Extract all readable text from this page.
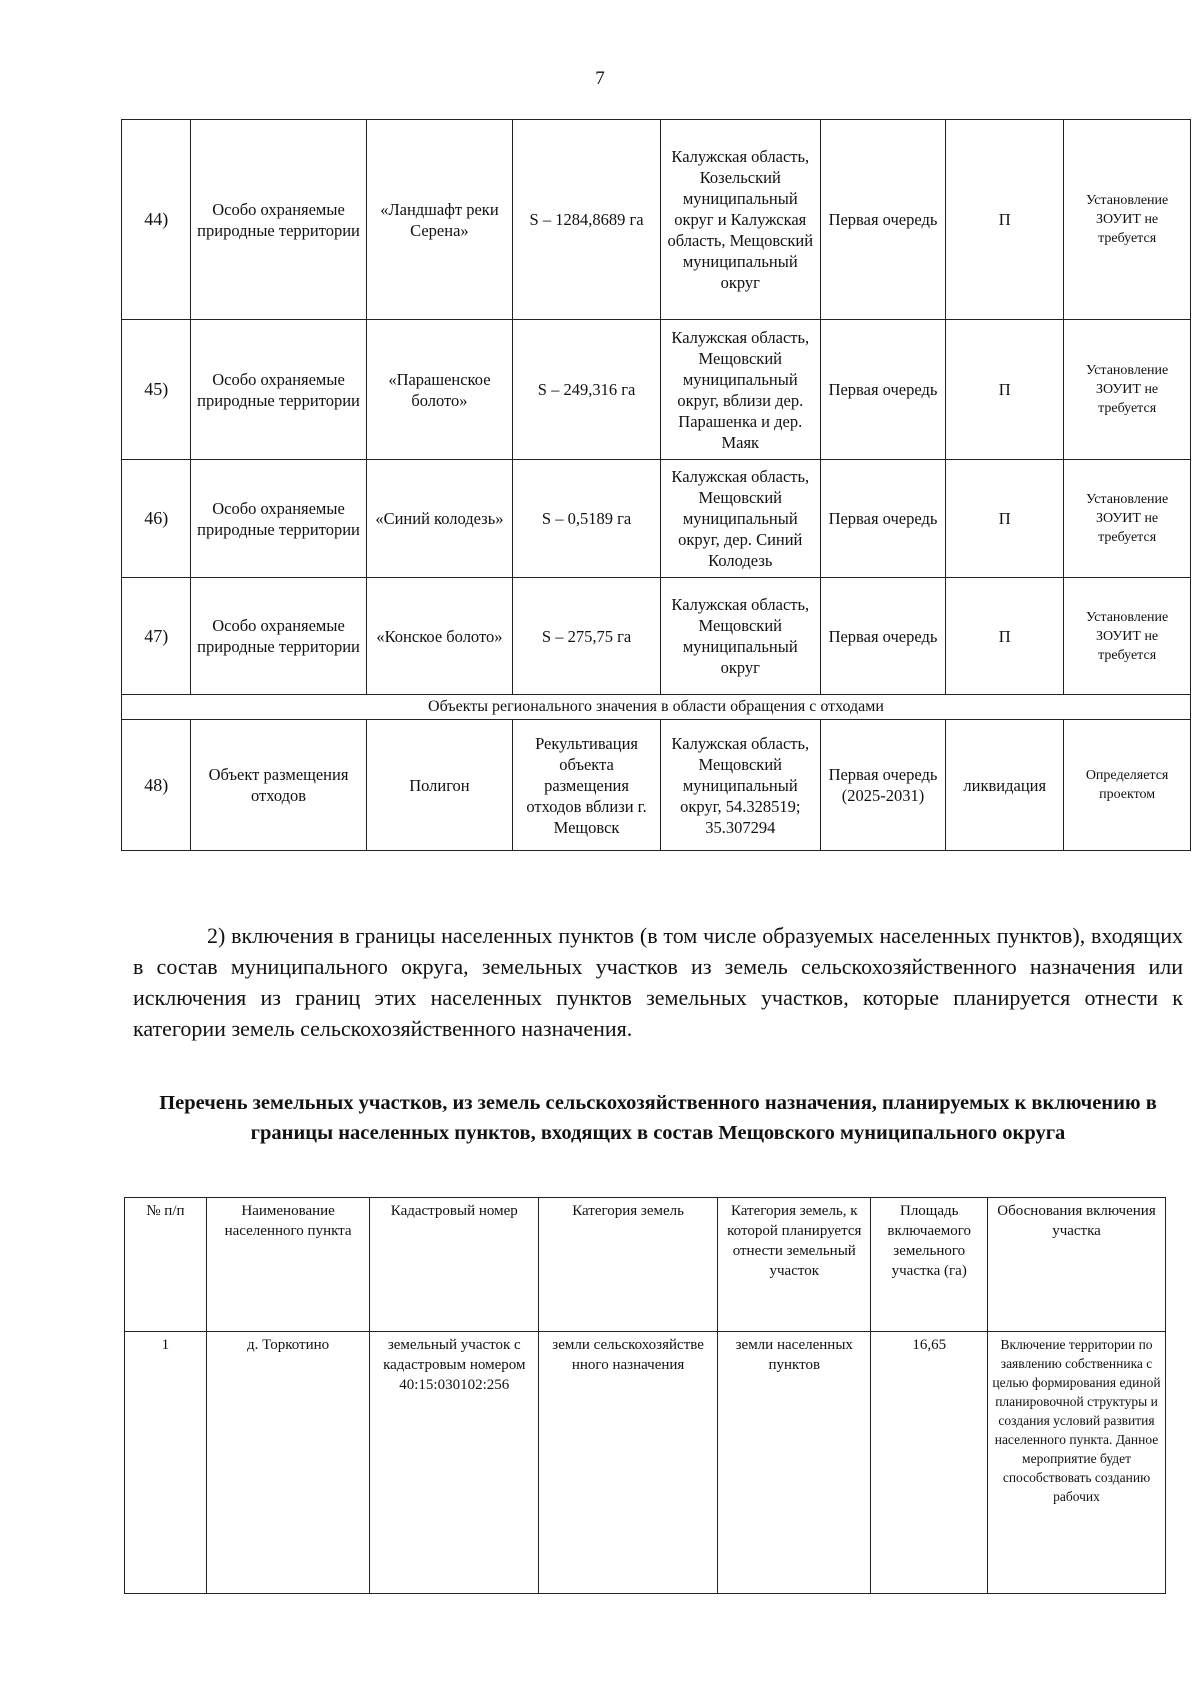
7
44)	Особо охраняемые природные территории	«Ландшафт реки Серена»	S – 1284,8689 га	Калужская область, Козельский муниципальный округ и Калужская область, Мещовский муниципальный округ	Первая очередь	П	Установление ЗОУИТ не требуется
45)	Особо охраняемые природные территории	«Парашенское болото»	S – 249,316 га	Калужская область, Мещовский муниципальный округ, вблизи дер. Парашенка и дер. Маяк	Первая очередь	П	Установление ЗОУИТ не требуется
46)	Особо охраняемые природные территории	«Синий колодезь»	S – 0,5189 га	Калужская область, Мещовский муниципальный округ, дер. Синий Колодезь	Первая очередь	П	Установление ЗОУИТ не требуется
47)	Особо охраняемые природные территории	«Конское болото»	S – 275,75 га	Калужская область, Мещовский муниципальный округ	Первая очередь	П	Установление ЗОУИТ не требуется
Объекты регионального значения в области обращения с отходами							
48)	Объект размещения отходов	Полигон	Рекультивация объекта размещения отходов вблизи г. Мещовск	Калужская область, Мещовский муниципальный округ, 54.328519; 35.307294	Первая очередь (2025-2031)	ликвидация	Определяется проектом
2) включения в границы населенных пунктов (в том числе образуемых населенных пунктов), входящих в состав муниципального округа, земельных участков из земель сельскохозяйственного назначения или исключения из границ этих населенных пунктов земельных участков, которые планируется отнести к категории земель сельскохозяйственного назначения.
Перечень земельных участков, из земель сельскохозяйственного назначения, планируемых к включению в границы населенных пунктов, входящих в состав Мещовского муниципального округа
№ п/п	Наименование населенного пункта	Кадастровый номер	Категория земель	Категория земель, к которой планируется отнести земельный участок	Площадь включаемого земельного участка (га)	Обоснования включения участка
1	д. Торкотино	земельный участок с кадастровым номером 40:15:030102:256	земли сельскохозяйстве нного назначения	земли населенных пунктов	16,65	Включение территории по заявлению собственника с целью формирования единой планировочной структуры и создания условий развития населенного пункта. Данное мероприятие будет способствовать созданию рабочих
